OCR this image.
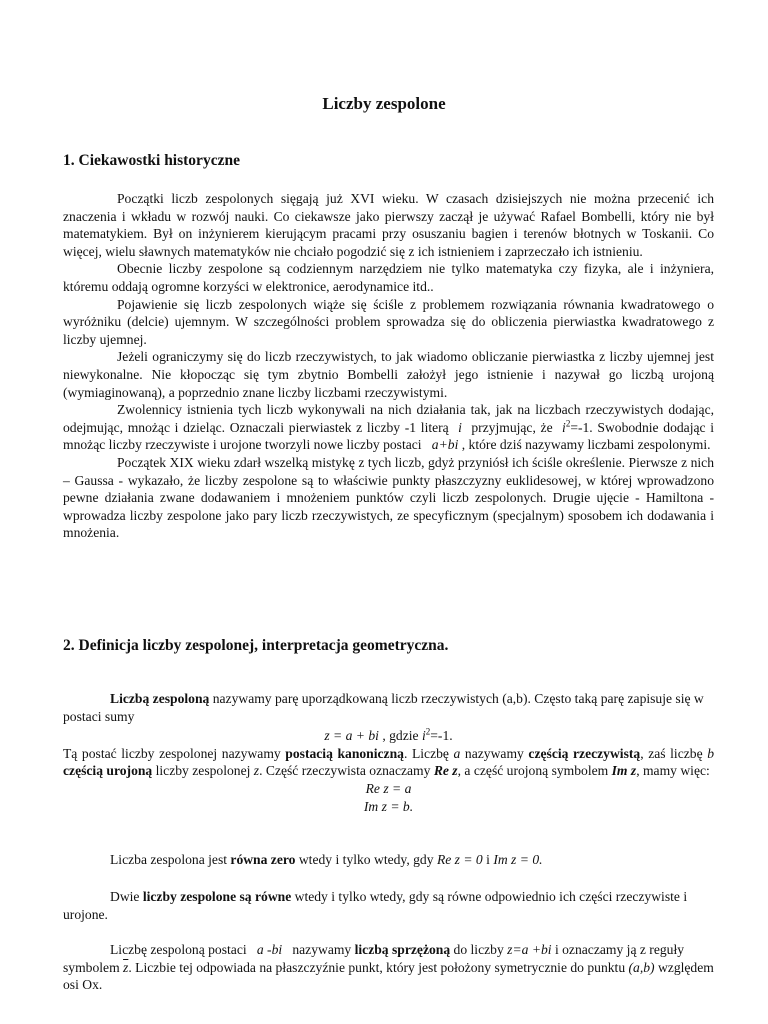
Liczby zespolone
1. Ciekawostki historyczne

Początki liczb zespolonych sięgają już XVI wieku. W czasach dzisiejszych nie można przecenić ich znaczenia i wkładu w rozwój nauki. Co ciekawsze jako pierwszy zaczął je używać Rafael Bombelli, który nie był matematykiem. Był on inżynierem kierującym pracami przy osuszaniu bagien i terenów błotnych w Toskanii. Co więcej, wielu sławnych matematyków nie chciało pogodzić się z ich istnieniem i zaprzeczało ich istnieniu.

Obecnie liczby zespolone są codziennym narzędziem nie tylko matematyka czy fizyka, ale i inżyniera, któremu oddają ogromne korzyści w elektronice, aerodynamice itd..

Pojawienie się liczb zespolonych wiąże się ściśle z problemem rozwiązania równania kwadratowego o wyróżniku (delcie) ujemnym. W szczególności problem sprowadza się do obliczenia pierwiastka kwadratowego z liczby ujemnej.

Jeżeli ograniczymy się do liczb rzeczywistych, to jak wiadomo obliczanie pierwiastka z liczby ujemnej jest niewykonalne. Nie kłopocząc się tym zbytnio Bombelli założył jego istnienie i nazywał go liczbą urojoną (wymiaginowaną), a poprzednio znane liczby liczbami rzeczywistymi.

Zwolennicy istnienia tych liczb wykonywali na nich działania tak, jak na liczbach rzeczywistych dodając, odejmując, mnożąc i dzieląc. Oznaczali pierwiastek z liczby -1 literą i przyjmując, że $i^2=-1$. Swobodnie dodając i mnożąc liczby rzeczywiste i urojone tworzyli nowe liczby postaci a+bi , które dziś nazywamy liczbami zespolonymi.

Początek XIX wieku zdarł wszelką mistykę z tych liczb, gdyż przyniósł ich ściśle określenie. Pierwsze z nich – Gaussa - wykazało, że liczby zespolone są to właściwie punkty płaszczyzny euklidesowej, w której wprowadzono pewne działania zwane dodawaniem i mnożeniem punktów czyli liczb zespolonych. Drugie ujęcie - Hamiltona - wprowadza liczby zespolone jako pary liczb rzeczywistych, ze specyficznym (specjalnym) sposobem ich dodawania i mnożenia.

2. Definicja liczby zespolonej, interpretacja geometryczna.

Liczbą zespoloną nazywamy parę uporządkowaną liczb rzeczywistych (a,b). Często taką parę zapisuje się w postaci sumy

z = a + bi , gdzie $i^2=-1$.

Tą postać liczby zespolonej nazywamy postacią kanoniczną. Liczbę a nazywamy częścią rzeczywistą, zaś liczbę b częścią urojoną liczby zespolonej z. Część rzeczywista oznaczamy Re z, a część urojoną symbolem Im z, mamy więc:

Re z = a

Im z = b.

Liczba zespolona jest równa zero wtedy i tylko wtedy, gdy Re z = 0 i Im z = 0.

Dwie liczby zespolone są równe wtedy i tylko wtedy, gdy są równe odpowiednio ich części rzeczywiste i urojone.

Liczbę zespoloną postaci   a -bi   nazywamy liczbą sprzężoną do liczby z=a +bi i oznaczamy ją z reguły symbolem $\overline{z}$. Liczbie tej odpowiada na płaszczyźnie punkt, który jest położony symetrycznie do punktu (a,b) względem osi Ox.
